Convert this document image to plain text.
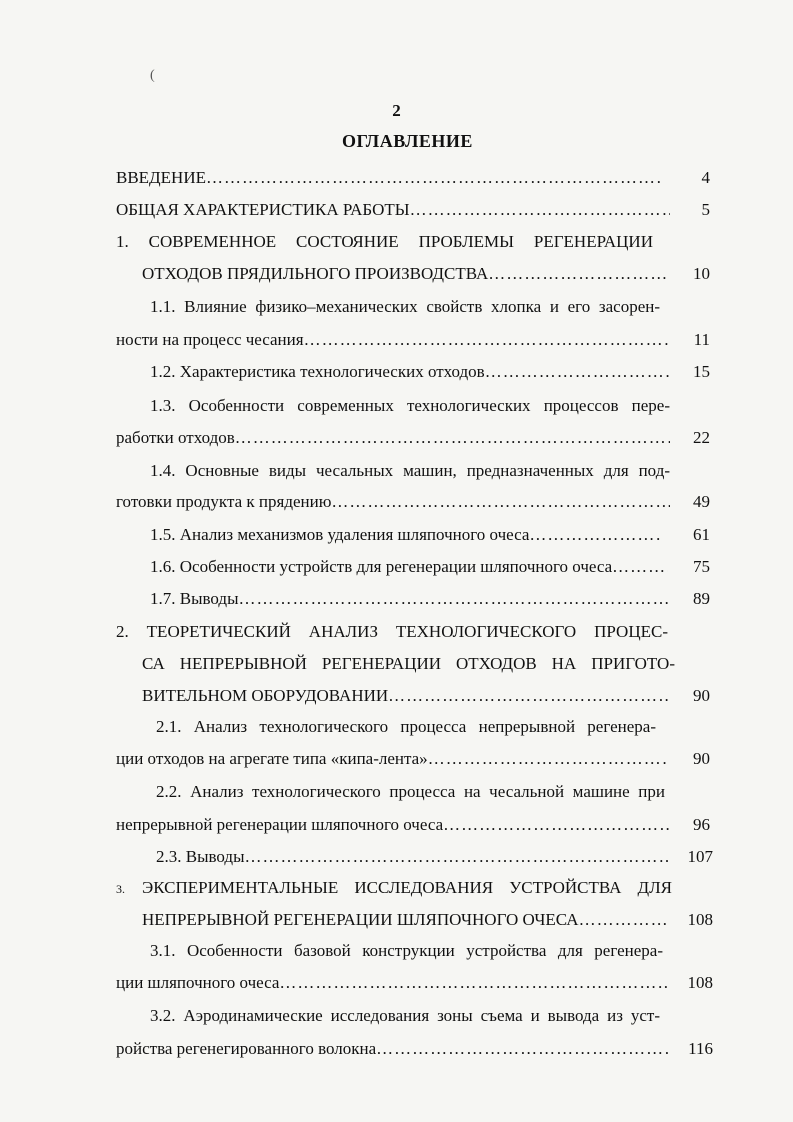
(
2
ОГЛАВЛЕНИЕ
ВВЕДЕНИЕ …………………………………………………………………………………………………………………………………………	4
ОБЩАЯ ХАРАКТЕРИСТИКА РАБОТЫ …………………………………………………………………………………………………………………………………………	5
1. СОВРЕМЕННОЕ СОСТОЯНИЕ ПРОБЛЕМЫ РЕГЕНЕРАЦИИ
ОТХОДОВ ПРЯДИЛЬНОГО ПРОИЗВОДСТВА …………………………………………………………………………………………………………………………………………	10
1.1. Влияние физико–механических свойств хлопка и его засорен-
ности на процесс чесания …………………………………………………………………………………………………………………………………………	11
1.2. Характеристика технологических отходов …………………………………………………………………………………………………………………………………………	15
1.3. Особенности современных технологических процессов пере-
работки отходов …………………………………………………………………………………………………………………………………………	22
1.4. Основные виды чесальных машин, предназначенных для под-
готовки продукта к прядению …………………………………………………………………………………………………………………………………………	49
1.5. Анализ механизмов удаления шляпочного очеса …………………………………………………………………………………………………………………………………………	61
1.6. Особенности устройств для регенерации шляпочного очеса …………………………………………………………………………………………………………………………………………	75
1.7. Выводы …………………………………………………………………………………………………………………………………………	89
2. ТЕОРЕТИЧЕСКИЙ АНАЛИЗ ТЕХНОЛОГИЧЕСКОГО ПРОЦЕС-
СА НЕПРЕРЫВНОЙ РЕГЕНЕРАЦИИ ОТХОДОВ НА ПРИГОТО-
ВИТЕЛЬНОМ ОБОРУДОВАНИИ …………………………………………………………………………………………………………………………………………	90
2.1. Анализ технологического процесса непрерывной регенера-
ции отходов на агрегате типа «кипа-лента» …………………………………………………………………………………………………………………………………………	90
2.2. Анализ технологического процесса на чесальной машине при
непрерывной регенерации шляпочного очеса …………………………………………………………………………………………………………………………………………	96
2.3. Выводы …………………………………………………………………………………………………………………………………………	107
3. ЭКСПЕРИМЕНТАЛЬНЫЕ ИССЛЕДОВАНИЯ УСТРОЙСТВА ДЛЯ
НЕПРЕРЫВНОЙ РЕГЕНЕРАЦИИ ШЛЯПОЧНОГО ОЧЕСА …………………………………………………………………………………………………………………………………………	108
3.1. Особенности базовой конструкции устройства для регенера-
ции шляпочного очеса …………………………………………………………………………………………………………………………………………	108
3.2. Аэродинамические исследования зоны съема и вывода из уст-
ройства регенегированного волокна …………………………………………………………………………………………………………………………………………	116
